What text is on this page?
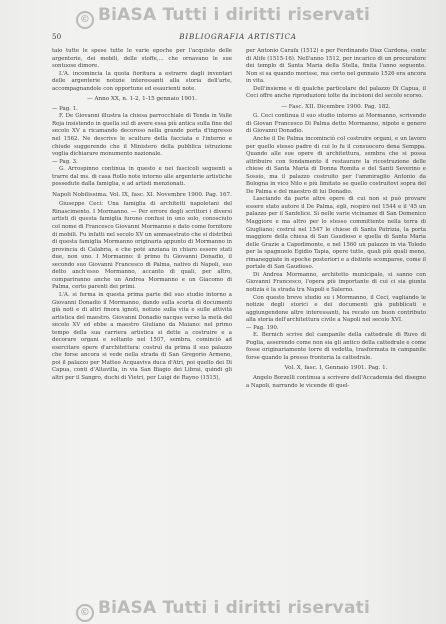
© BiASA Tutti i diritti riservati
50	BIBLIOGRAFIA ARTISTICA

taio tutte le spese tutte le varie epoche per l'acquisto delle argenterie, dei mobili, delle stoffe,... che ornavano le sue sontuose dimore.

L'A. incomincia la quota fioritura a estrarre dagli inventari delle argenterie notizie interessanti alla storia dell'arte, accompagnandole con opportune ed esaurienti note.

— Anno XX, n. 1-2, 1-15 gennaio 1901.

— Pag. 1.

F. De Giovanni illustra la chiesa parrocchiale di Tenda in Valle Roja insistendo in quella sul di avere essa più antica sulla fine del secolo XV a ricamando decoroso nella grande porta d'ingresso nel 1562. Ne descrive le sculture della facciata e l'interno e chiude suggerendo che il Ministero della pubblica istruzione voglia dichiarare monumento nazionale.

— Pag. 3.

G. Arrospinno continua in questo e nei fascicoli seguenti a trarre dal ms. di casa Rollo note intorno alle argenterie artistiche possedute dalla famiglia, e ad artisti menzionati.

Napoli Nobilissima. Vol. IX, fasc. XI. Novembre 1900. Pag. 167.

Giuseppe Ceci: Una famiglia di architetti napoletani del Rinascimento. I Mormanno. — Per errore degli scrittori i diversi artisti di questa famiglia furono confusi in uno solo, conosciuto col nome di Francesco Giovanni Mormanno e dato come fornitore di mobili. Fu infatti nel secolo XV un ammaestrato che si distribuì di questa famiglia Mormanno originaria appunto di Mormanno in provincia di Calabria, e che poté anziana in chiaro essere stati due, non uno. I Mormanno: il primo fu Giovanni Donadio, il secondo suo Giovanni Francesco di Palma, nativo di Napoli, suo detto anch'esso Mormanno, accanto di quali, per altro, compariranno anche un Andrea Mormanno e un Giacomo di Palma, certo parenti dei primi.

L'A. si ferma in questa prima parte del suo studio intorno a Giovanni Donadio il Mormanno, dando sulla scorta di documenti già noti e di altri finora ignoti, notizie sulla vita e sulle attività artistica del maestro. Giovanni Donadio nacque verso la metà del secolo XV ed ebbe a maestro Giuliano da Maiano: nel primo tempo della sua carriera artistica si dette a costruire e a decorare organi e soltanto nel 1507, sembra, cominciò ad esercitare opere d'architettura: costruì da prima il suo palazzo che forse ancora si vede nella strada di San Gregorio Armeno, poi il palazzo per Matteo Acquaviva duca d'Atri, poi quello dei Di Capua, conti d'Altavilla, in via San Biagio dei Librai, quindi gli altri per il Sangro, duchi di Vietri, per Luigi de Rayno (1515),

per Antonio Carafa (1512) e per Ferdinando Diaz Cardona, conte di Alife (1515-16). Nell'anno 1512, per incarico di un procuratore dei templo di Santa Maria della Stella, finita l'anno seguente. Non si sa quando morisse, ma certo nel gennaio 1526 era ancora in vita.

Dell'insieme e di qualche particolare del palazzo Di Capua, il Ceci offre anche riproduzioni tolte da incisioni del secolo scorso.

— Fasc. XII. Dicembre 1900. Pag. 182.

G. Ceci continua il suo studio intorno ai Mormanno, scrivendo di Giovan Francesco Di Palma detto Mormanno, nipote e genero di Giovanni Donadio.

Anche il De Palma incominciò col costruire organi, e un lavoro per quello stesso padre di cui lo fu il consuocero dena Semppa. Quando alle sue opere di architettura, sembra che si possa attribuire con fondamento il restaurare la ricostruzione delle chiese di Santa Maria di Donna Romita e del Santi Severino e Sossio, ma il palazzo costruito per l'ammiraglio Antonio da Bologna in vico Nilo e più limitato se quello costruitovi sopra del De Palma e del maestro di lui Donadio.

Lasciando da parte altre opere di cui non si può provare essere stato autore il De Palma, egli, respiro nel 1544 e il '45 un palazzo per il Sanfelice. Sì nelle varie vicinanze di San Domenico Maggiore e ma altro per lo stesso committente nella terra di Giugliano; costruì nel 1547 le chiese di Santa Patrizia, la porta maggiore della chiesa di San Gaudioso e quella di Santa Maria delle Grazie a Capodimonte, e nel 1560 un palazzo in via Toledo per la spagnuolo Egidio Tapia, opere tutte, quali più quali meno, rimaneggiate in epoche posteriori e a distinte scomparse, come il portale di San Gaudioso.

Di Andrea Mormanno, architetto municipale, si sanno con Giovanni Francesco, l'opera più importante di cui ci sia giunta notizia è la strada tra Napoli e Salerno.

Con questo breve studio su i Mormanno, il Ceci, vagliando le notizie degli storici e dei documenti già pubblicati e aggiungendone altre interessanti, ha recato un buon contributo alla storia dell'architettura civile a Napoli nel secolo XVI.

— Pag. 190.

E. Bernich scrive del campanile della cattedrale di Ruvo di Puglia, asserendo come non sia gli antico della cattedrale e come fosse originariamente torre di vedetta, trasformata in campanile forse quando la presso fronteria la cattedrale.

Vol. X, fasc. I, Gennaio 1901. Pag. 1.

Angelo Borzelli continua a scrivere dell'Accademia del disegno a Napoli, narrando le vicende di quel-

© BiASA Tutti i diritti riservati
